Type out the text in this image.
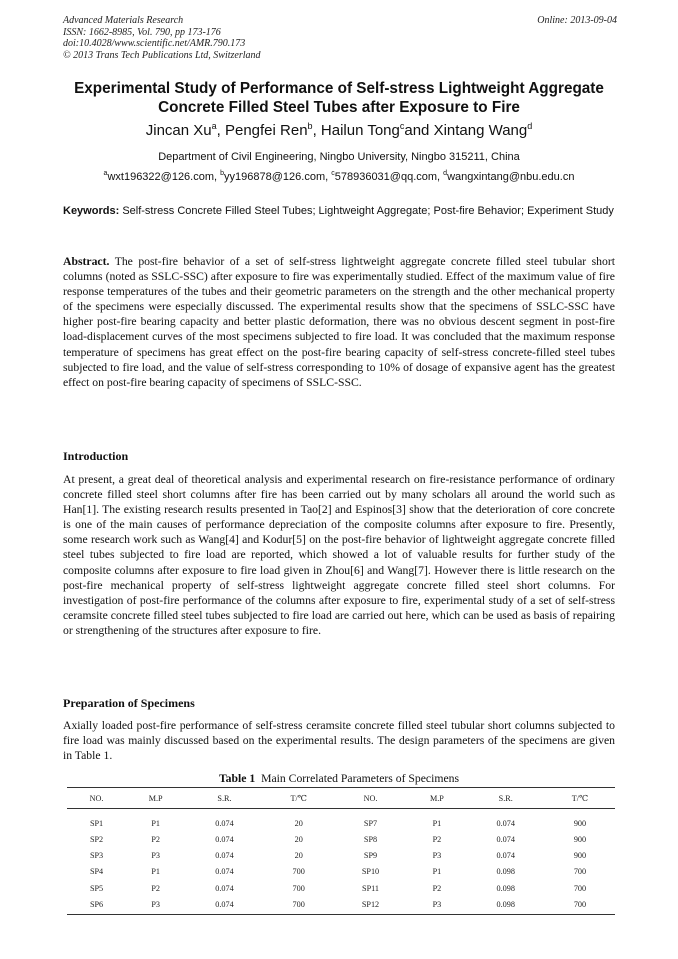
Advanced Materials Research
ISSN: 1662-8985, Vol. 790, pp 173-176
doi:10.4028/www.scientific.net/AMR.790.173
© 2013 Trans Tech Publications Ltd, Switzerland
Online: 2013-09-04
Experimental Study of Performance of Self-stress Lightweight Aggregate
Concrete Filled Steel Tubes after Exposure to Fire
Jincan Xu$^a$, Pengfei Ren$^b$, Hailun Tong$^c$and Xintang Wang$^d$
Department of Civil Engineering, Ningbo University, Ningbo 315211, China
$^a$wxt196322@126.com, $^b$yy196878@126.com, $^c$578936031@qq.com, $^d$wangxintang@nbu.edu.cn
Keywords: Self-stress Concrete Filled Steel Tubes; Lightweight Aggregate; Post-fire Behavior; Experiment Study

Abstract. The post-fire behavior of a set of self-stress lightweight aggregate concrete filled steel tubular short columns (noted as SSLC-SSC) after exposure to fire was experimentally studied. Effect of the maximum value of fire response temperatures of the tubes and their geometric parameters on the strength and the other mechanical property of the specimens were especially discussed. The experimental results show that the specimens of SSLC-SSC have higher post-fire bearing capacity and better plastic deformation, there was no obvious descent segment in post-fire load-displacement curves of the most specimens subjected to fire load. It was concluded that the maximum response temperature of specimens has great effect on the post-fire bearing capacity of self-stress concrete-filled steel tubes subjected to fire load, and the value of self-stress corresponding to 10% of dosage of expansive agent has the greatest effect on post-fire bearing capacity of specimens of SSLC-SSC.

Introduction

At present, a great deal of theoretical analysis and experimental research on fire-resistance performance of ordinary concrete filled steel short columns after fire has been carried out by many scholars all around the world such as Han[1]. The existing research results presented in Tao[2] and Espinos[3] show that the deterioration of core concrete is one of the main causes of performance depreciation of the composite columns after exposure to fire. Presently, some research work such as Wang[4] and Kodur[5] on the post-fire behavior of lightweight aggregate concrete filled steel tubes subjected to fire load are reported, which showed a lot of valuable results for further study of the composite columns after exposure to fire load given in Zhou[6] and Wang[7]. However there is little research on the post-fire mechanical property of self-stress lightweight aggregate concrete filled steel short columns. For investigation of post-fire performance of the columns after exposure to fire, experimental study of a set of self-stress ceramsite concrete filled steel tubes subjected to fire load are carried out here, which can be used as basis of repairing or strengthening of the structures after exposure to fire.

Preparation of Specimens

Axially loaded post-fire performance of self-stress ceramsite concrete filled steel tubular short columns subjected to fire load was mainly discussed based on the experimental results. The design parameters of the specimens are given in Table 1.

Table 1 Main Correlated Parameters of Specimens
NO.	M.P	S.R.	T/℃	NO.	M.P	S.R.	T/℃
SP1	P1	0.074	20	SP7	P1	0.074	900
SP2	P2	0.074	20	SP8	P2	0.074	900
SP3	P3	0.074	20	SP9	P3	0.074	900
SP4	P1	0.074	700	SP10	P1	0.098	700
SP5	P2	0.074	700	SP11	P2	0.098	700
SP6	P3	0.074	700	SP12	P3	0.098	700
